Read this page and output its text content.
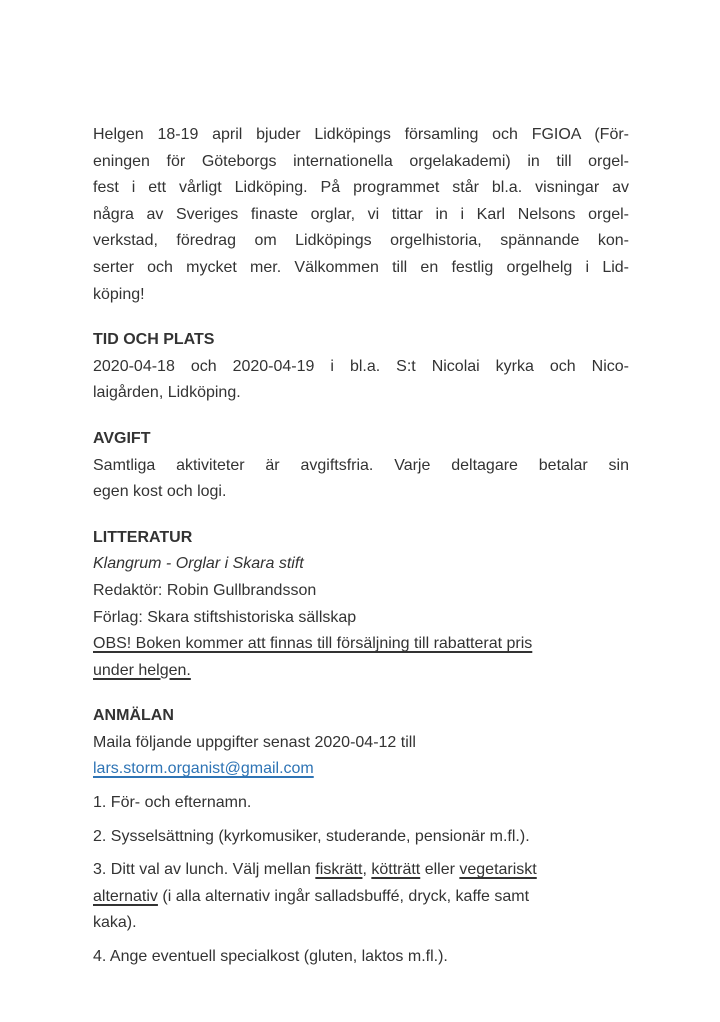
Helgen 18-19 april bjuder Lidköpings församling och FGIOA (För-
eningen för Göteborgs internationella orgelakademi) in till orgel-
fest i ett vårligt Lidköping. På programmet står bl.a. visningar av
några av Sveriges finaste orglar, vi tittar in i Karl Nelsons orgel-
verkstad, föredrag om Lidköpings orgelhistoria, spännande kon-
serter och mycket mer. Välkommen till en festlig orgelhelg i Lid-
köping!
TID OCH PLATS
2020-04-18 och 2020-04-19 i bl.a. S:t Nicolai kyrka och Nico-
laigården, Lidköping.
AVGIFT
Samtliga aktiviteter är avgiftsfria. Varje deltagare betalar sin
egen kost och logi.
LITTERATUR
Klangrum - Orglar i Skara stift
Redaktör: Robin Gullbrandsson
Förlag: Skara stiftshistoriska sällskap
OBS! Boken kommer att finnas till försäljning till rabatterat pris
under helgen.
ANMÄLAN
Maila följande uppgifter senast 2020-04-12 till
lars.storm.organist@gmail.com
1. För- och efternamn.
2. Sysselsättning (kyrkomusiker, studerande, pensionär m.fl.).
3. Ditt val av lunch. Välj mellan fiskrätt, kötträtt eller vegetariskt
alternativ (i alla alternativ ingår salladsbuffé, dryck, kaffe samt
kaka).
4. Ange eventuell specialkost (gluten, laktos m.fl.).
